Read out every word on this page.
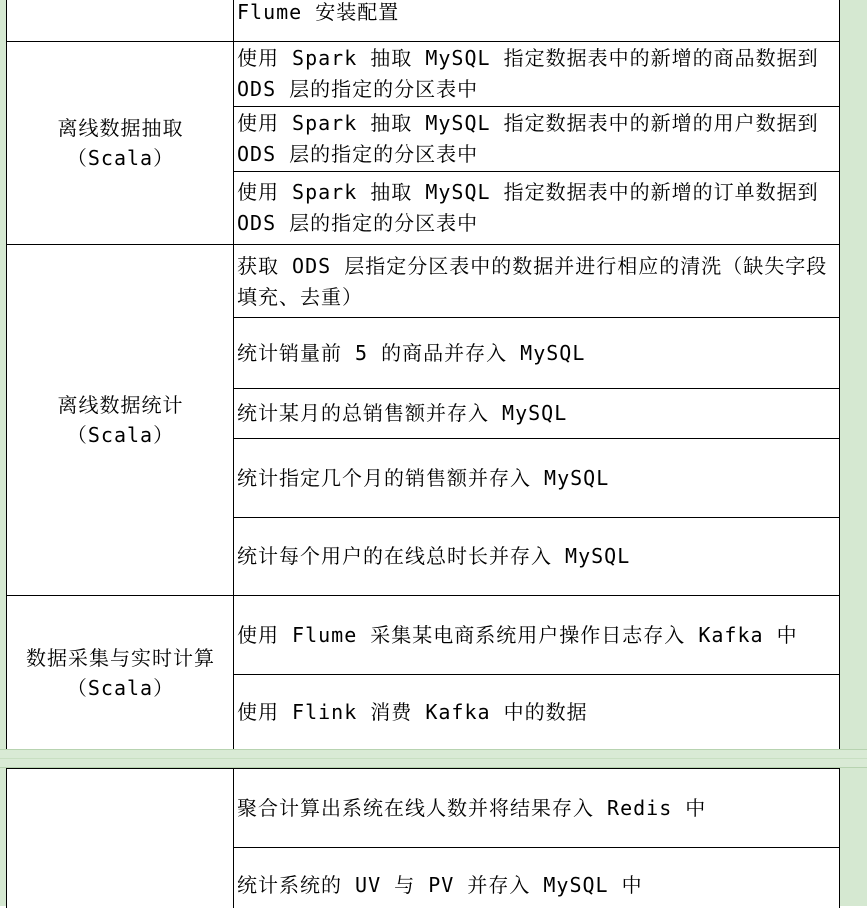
Flume 安装配置
离线数据抽取
（Scala）
使用 Spark 抽取 MySQL 指定数据表中的新增的商品数据到 ODS 层的指定的分区表中
使用 Spark 抽取 MySQL 指定数据表中的新增的用户数据到 ODS 层的指定的分区表中
使用 Spark 抽取 MySQL 指定数据表中的新增的订单数据到 ODS 层的指定的分区表中
离线数据统计
（Scala）
获取 ODS 层指定分区表中的数据并进行相应的清洗（缺失字段填充、去重）
统计销量前 5 的商品并存入 MySQL
统计某月的总销售额并存入 MySQL
统计指定几个月的销售额并存入 MySQL
统计每个用户的在线总时长并存入 MySQL
数据采集与实时计算
（Scala）
使用 Flume 采集某电商系统用户操作日志存入 Kafka 中
使用 Flink 消费 Kafka 中的数据
聚合计算出系统在线人数并将结果存入 Redis 中
统计系统的 UV 与 PV 并存入 MySQL 中
